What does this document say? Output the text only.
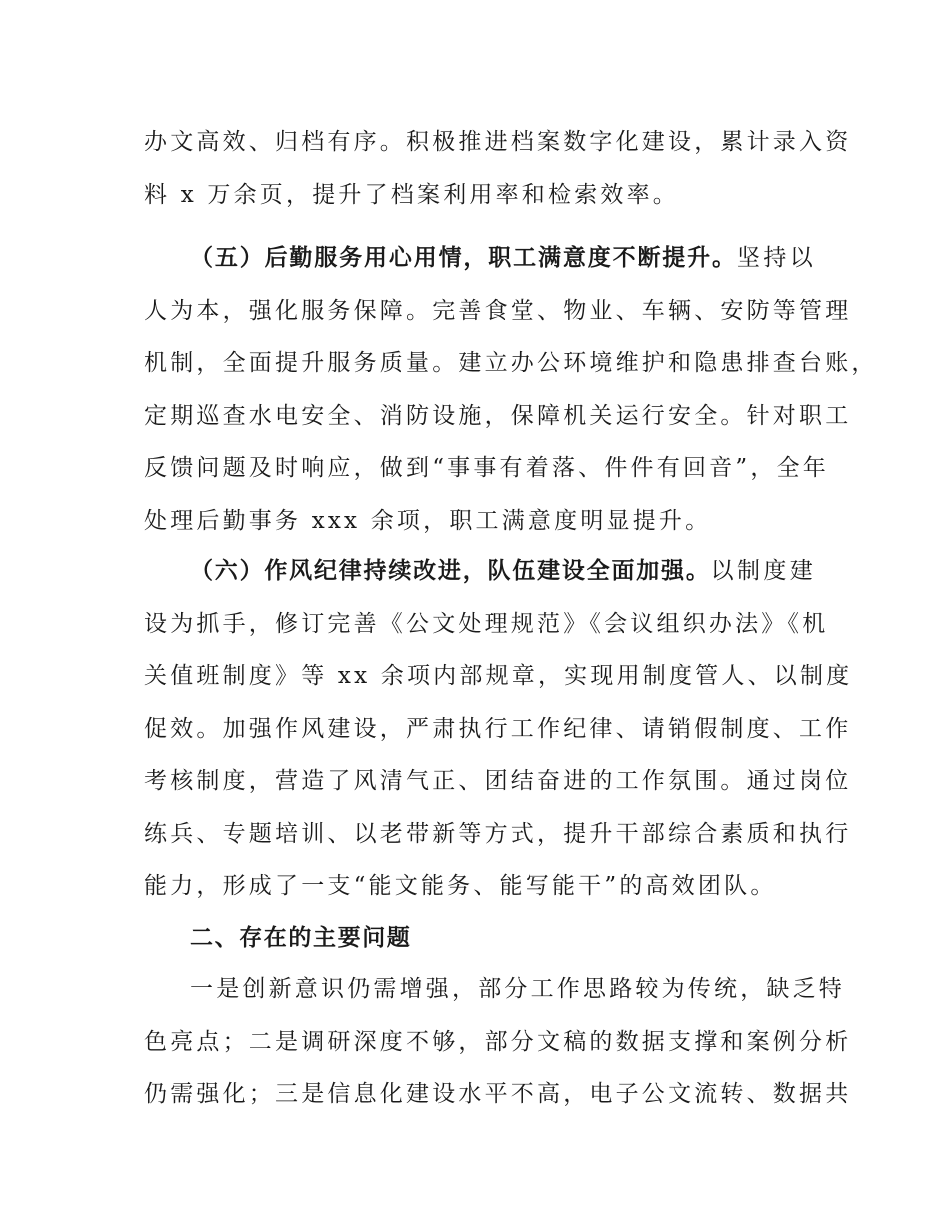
办文高效、归档有序。积极推进档案数字化建设，累计录入资
料 x 万余页，提升了档案利用率和检索效率。
（五）后勤服务用心用情，职工满意度不断提升。坚持以
人为本，强化服务保障。完善食堂、物业、车辆、安防等管理
机制，全面提升服务质量。建立办公环境维护和隐患排查台账，
定期巡查水电安全、消防设施，保障机关运行安全。针对职工
反馈问题及时响应，做到“事事有着落、件件有回音”，全年
处理后勤事务 xxx 余项，职工满意度明显提升。
（六）作风纪律持续改进，队伍建设全面加强。以制度建
设为抓手，修订完善《公文处理规范》《会议组织办法》《机
关值班制度》等 xx 余项内部规章，实现用制度管人、以制度
促效。加强作风建设，严肃执行工作纪律、请销假制度、工作
考核制度，营造了风清气正、团结奋进的工作氛围。通过岗位
练兵、专题培训、以老带新等方式，提升干部综合素质和执行
能力，形成了一支“能文能务、能写能干”的高效团队。
二、存在的主要问题
一是创新意识仍需增强，部分工作思路较为传统，缺乏特
色亮点；二是调研深度不够，部分文稿的数据支撑和案例分析
仍需强化；三是信息化建设水平不高，电子公文流转、数据共
